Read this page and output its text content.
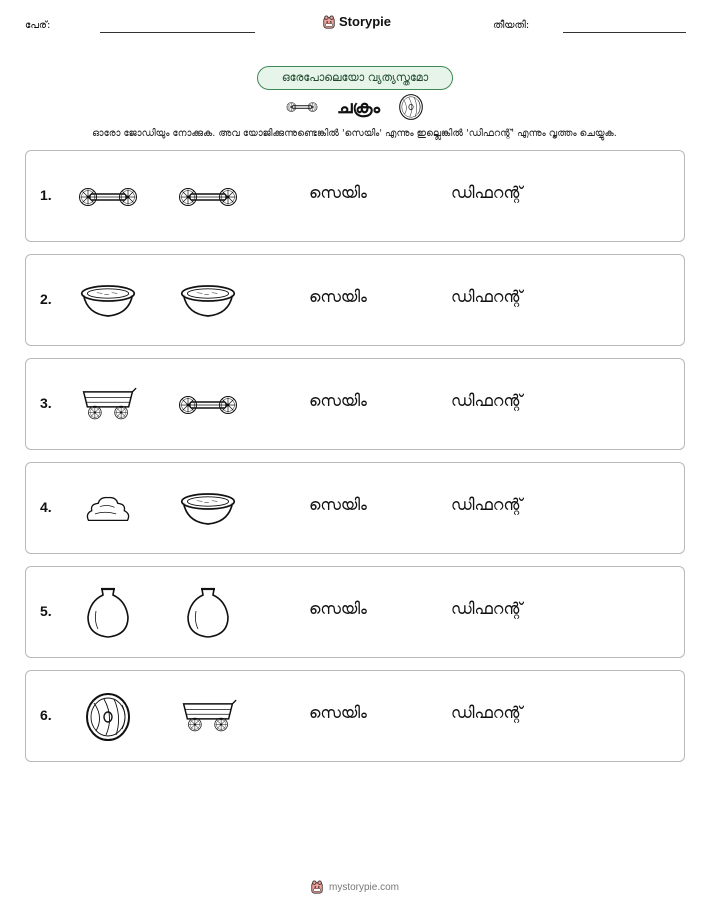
പേര്:	Storypie	തീയതി:
ഒരേപോലെയോ വ്യത്യസ്തമോ
ചക്രം
ഓരോ ജോഡിയും നോക്കുക. അവ യോജിക്കുന്നുണ്ടെങ്കിൽ 'സെയിം' എന്നും ഇല്ലെങ്കിൽ 'ഡിഫറന്റ്' എന്നും വൃത്തം ചെയ്യുക.
1.	സെയിം	ഡിഫറന്റ്
2.	സെയിം	ഡിഫറന്റ്
3.	സെയിം	ഡിഫറന്റ്
4.	സെയിം	ഡിഫറന്റ്
5.	സെയിം	ഡിഫറന്റ്
6.	സെയിം	ഡിഫറന്റ്
mystorypie.com
